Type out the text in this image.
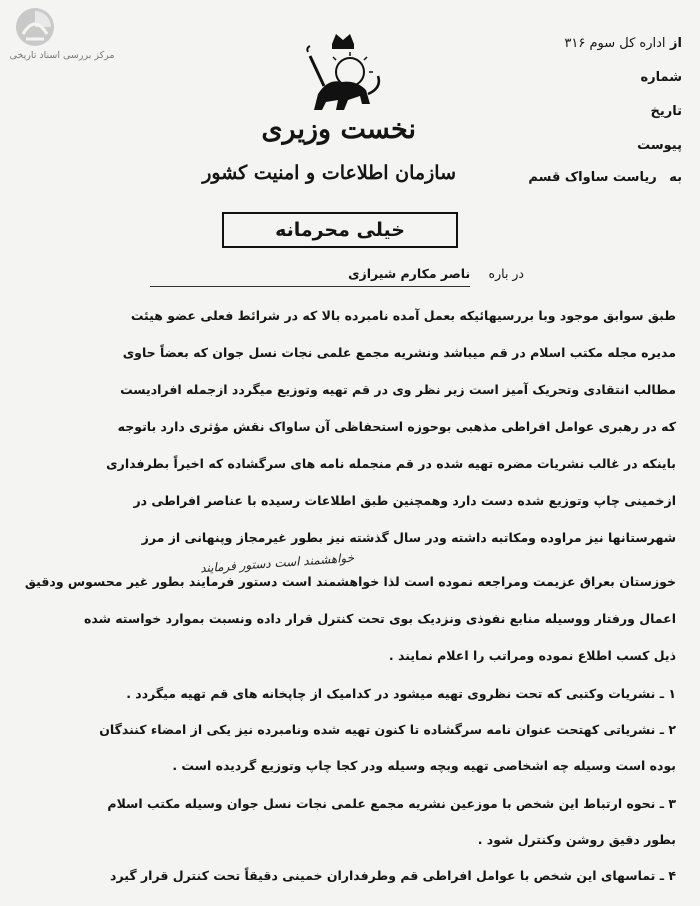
مرکز بررسی اسناد تاریخی
نخست وزیری
سازمان اطلاعات و امنیت کشور
خیلی محرمانه
از اداره کل سوم ۳۱۶
شماره
تاریخ
پیوست
به ریاست ساواک قسم
در باره ناصر مکارم شیرازی
طبق سوابق موجود وبا بررسیهائیکه بعمل آمده نامبرده بالا که در شرائط فعلی عضو هیئت
مدیره مجله مکتب اسلام در قم میباشد ونشریه مجمع علمی نجات نسل جوان که بعضاً حاوی
مطالب انتقادی وتحریک آمیز است زیر نظر وی در قم تهیه وتوزیع میگردد ازجمله افرادیست
که در رهبری عوامل افراطی مذهبی بوحوزه استحفاظی آن ساواک نقش مؤثری دارد باتوجه
باینکه در غالب نشریات مضره تهیه شده در قم منجمله نامه های سرگشاده که اخیراً بطرفداری
ازخمینی چاپ وتوزیع شده دست دارد وهمچنین طبق اطلاعات رسیده با عناصر افراطی در
شهرستانها نیز مراوده ومکاتبه داشته ودر سال گذشته نیز بطور غیرمجاز وپنهانی از مرز
خواهشمند است دستور فرمایند
خوزستان بعراق عزیمت ومراجعه نموده است لذا خواهشمند است دستور فرمایند بطور غیر محسوس ودقیق
اعمال ورفتار ووسیله منابع نفوذی ونزدیک بوی تحت کنترل قرار داده ونسبت بموارد خواسته شده
ذیل کسب اطلاع نموده ومراتب را اعلام نمایند .
۱ ـ نشریات وکتبی که تحت نظروی تهیه میشود در کدامیک از چاپخانه های قم تهیه میگردد .
۲ ـ نشریاتی کهتحت عنوان نامه سرگشاده تا کنون تهیه شده ونامبرده نیز یکی از امضاء کنندگان
بوده است وسیله چه اشخاصی تهیه وبچه وسیله ودر کجا چاپ وتوزیع گردیده است .
۳ ـ نحوه ارتباط این شخص با موزعین نشریه مجمع علمی نجات نسل جوان وسیله مکتب اسلام
بطور دقیق روشن وکنترل شود .
۴ ـ تماسهای این شخص با عوامل افراطی قم وطرفداران خمینی دقیقاً تحت کنترل قرار گیرد
